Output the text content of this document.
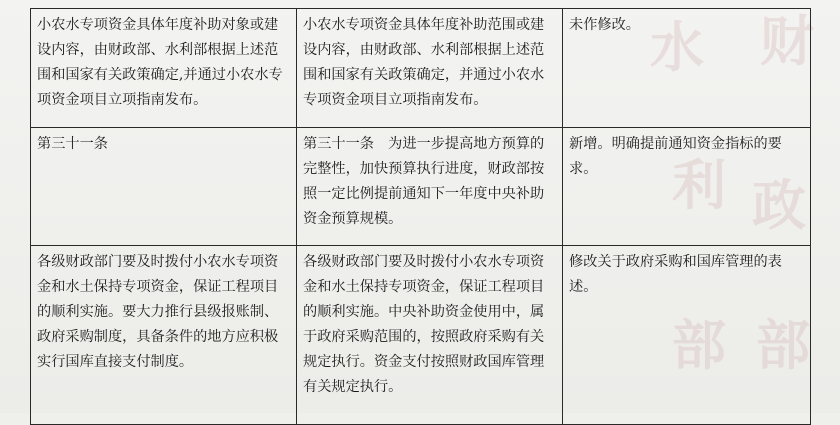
财
水
政
利
部
部
小农水专项资金具体年度补助对象或建设内容，由财政部、水利部根据上述范围和国家有关政策确定,并通过小农水专项资金项目立项指南发布。	小农水专项资金具体年度补助范围或建设内容，由财政部、水利部根据上述范围和国家有关政策确定，并通过小农水专项资金项目立项指南发布。	未作修改。

第三十一条	第三十一条　为进一步提高地方预算的完整性，加快预算执行进度，财政部按照一定比例提前通知下一年度中央补助资金预算规模。	新增。明确提前通知资金指标的要求。

各级财政部门要及时拨付小农水专项资金和水土保持专项资金，保证工程项目的顺利实施。要大力推行县级报账制、政府采购制度，具备条件的地方应积极实行国库直接支付制度。	各级财政部门要及时拨付小农水专项资金和水土保持专项资金，保证工程项目的顺利实施。中央补助资金使用中，属于政府采购范围的，按照政府采购有关规定执行。资金支付按照财政国库管理有关规定执行。	修改关于政府采购和国库管理的表述。
